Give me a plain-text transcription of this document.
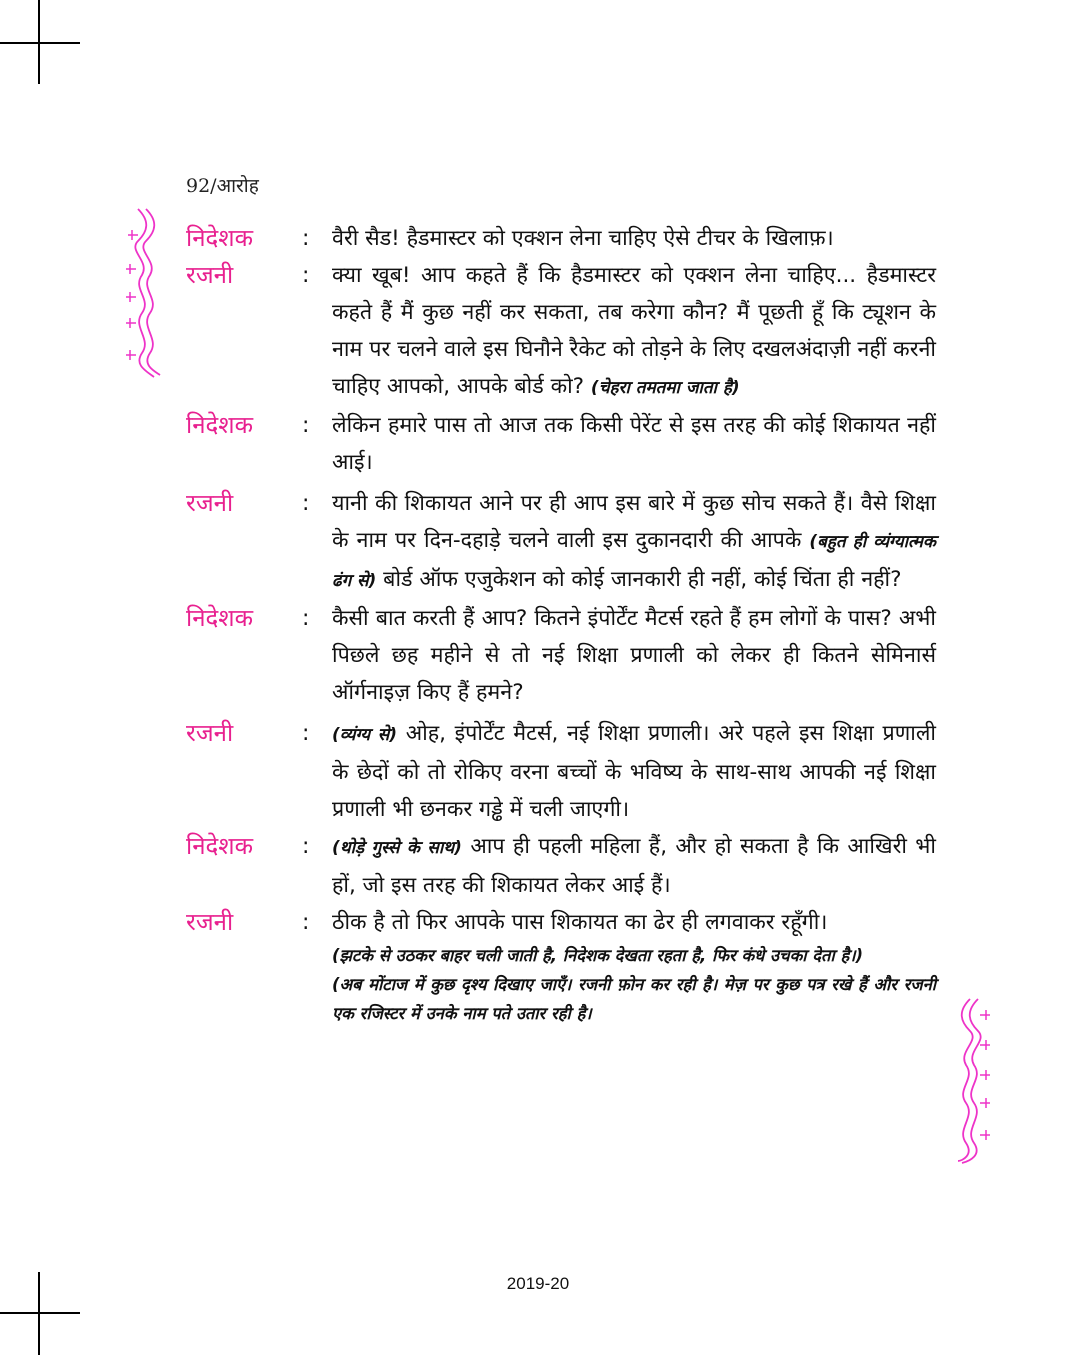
92/आरोह
निदेशक : वैरी सैड! हैडमास्टर को एक्शन लेना चाहिए ऐसे टीचर के खिलाफ़।
रजनी	: क्या खूब! आप कहते हैं कि हैडमास्टर को एक्शन लेना चाहिए... हैडमास्टर कहते हैं मैं कुछ नहीं कर सकता, तब करेगा कौन? मैं पूछती हूँ कि ट्यूशन के नाम पर चलने वाले इस घिनौने रैकेट को तोड़ने के लिए दखलअंदाज़ी नहीं करनी चाहिए आपको, आपके बोर्ड को? (चेहरा तमतमा जाता है)
निदेशक : लेकिन हमारे पास तो आज तक किसी पेरेंट से इस तरह की कोई शिकायत नहीं आई।
रजनी	: यानी की शिकायत आने पर ही आप इस बारे में कुछ सोच सकते हैं। वैसे शिक्षा के नाम पर दिन-दहाड़े चलने वाली इस दुकानदारी की आपके (बहुत ही व्यंग्यात्मक ढंग से) बोर्ड ऑफ एजुकेशन को कोई जानकारी ही नहीं, कोई चिंता ही नहीं?
निदेशक : कैसी बात करती हैं आप? कितने इंपोर्टेंट मैटर्स रहते हैं हम लोगों के पास? अभी पिछले छह महीने से तो नई शिक्षा प्रणाली को लेकर ही कितने सेमिनार्स ऑर्गनाइज़ किए हैं हमने?
रजनी	: (व्यंग्य से) ओह, इंपोर्टेंट मैटर्स, नई शिक्षा प्रणाली। अरे पहले इस शिक्षा प्रणाली के छेदों को तो रोकिए वरना बच्चों के भविष्य के साथ-साथ आपकी नई शिक्षा प्रणाली भी छनकर गड्ढे में चली जाएगी।
निदेशक : (थोड़े गुस्से के साथ) आप ही पहली महिला हैं, और हो सकता है कि आखिरी भी हों, जो इस तरह की शिकायत लेकर आई हैं।
रजनी	: ठीक है तो फिर आपके पास शिकायत का ढेर ही लगवाकर रहूँगी।
(झटके से उठकर बाहर चली जाती है, निदेशक देखता रहता है, फिर कंधे उचका देता है।)
(अब मोंटाज में कुछ दृश्य दिखाए जाएँ। रजनी फ़ोन कर रही है। मेज़ पर कुछ पत्र रखे हैं और रजनी एक रजिस्टर में उनके नाम पते उतार रही है।
2019-20
